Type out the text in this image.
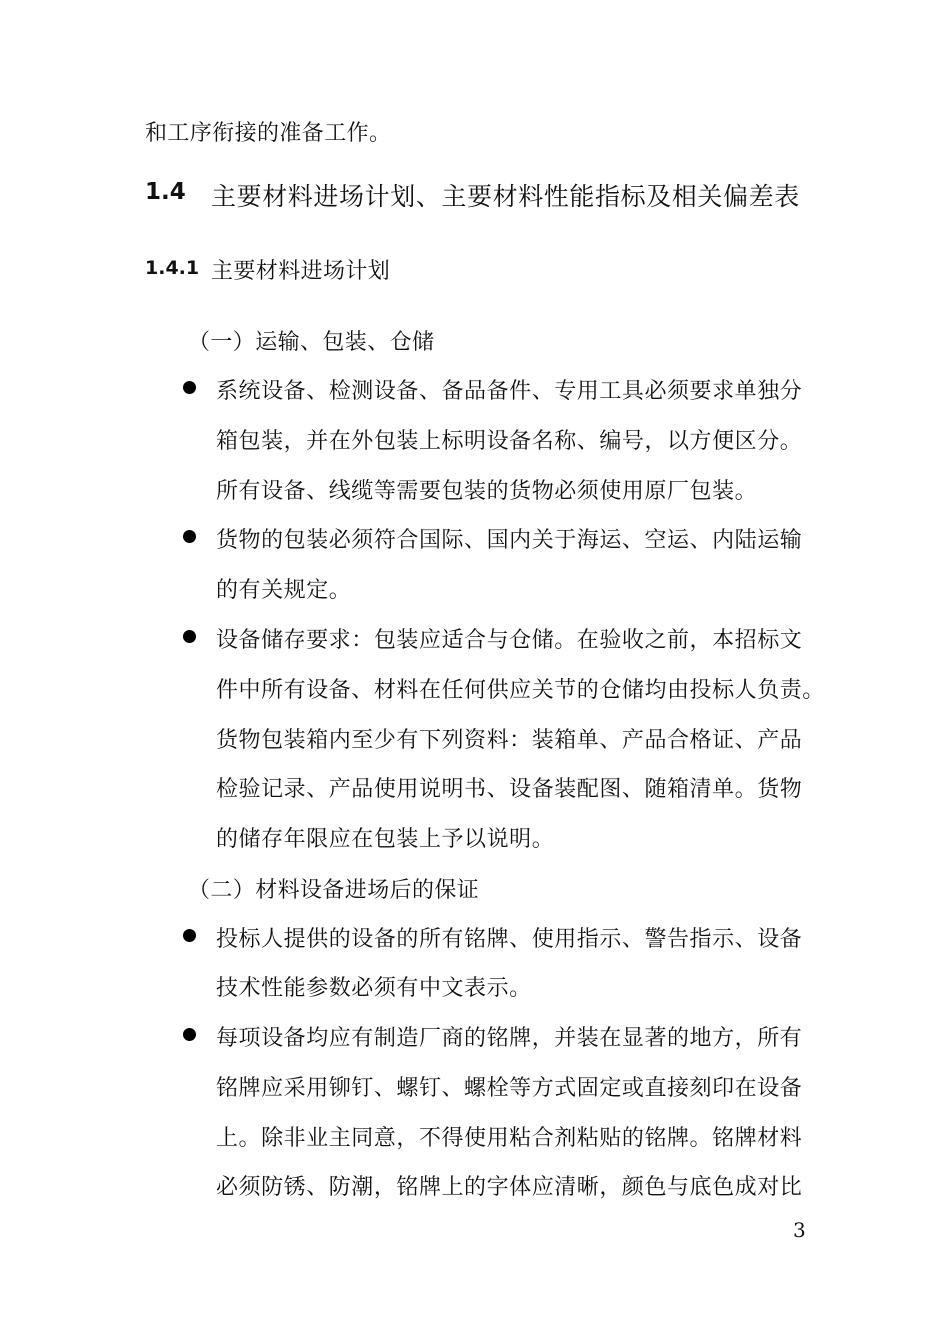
和工序衔接的准备工作。
1.4 主要材料进场计划、主要材料性能指标及相关偏差表
1.4.1 主要材料进场计划
（一）运输、包装、仓储
系统设备、检测设备、备品备件、专用工具必须要求单独分
箱包装，并在外包装上标明设备名称、编号，以方便区分。
所有设备、线缆等需要包装的货物必须使用原厂包装。
货物的包装必须符合国际、国内关于海运、空运、内陆运输
的有关规定。
设备储存要求：包装应适合与仓储。在验收之前，本招标文
件中所有设备、材料在任何供应关节的仓储均由投标人负责。
货物包装箱内至少有下列资料：装箱单、产品合格证、产品
检验记录、产品使用说明书、设备装配图、随箱清单。货物
的储存年限应在包装上予以说明。
（二）材料设备进场后的保证
投标人提供的设备的所有铭牌、使用指示、警告指示、设备
技术性能参数必须有中文表示。
每项设备均应有制造厂商的铭牌，并装在显著的地方，所有
铭牌应采用铆钉、螺钉、螺栓等方式固定或直接刻印在设备
上。除非业主同意，不得使用粘合剂粘贴的铭牌。铭牌材料
必须防锈、防潮，铭牌上的字体应清晰，颜色与底色成对比
3
